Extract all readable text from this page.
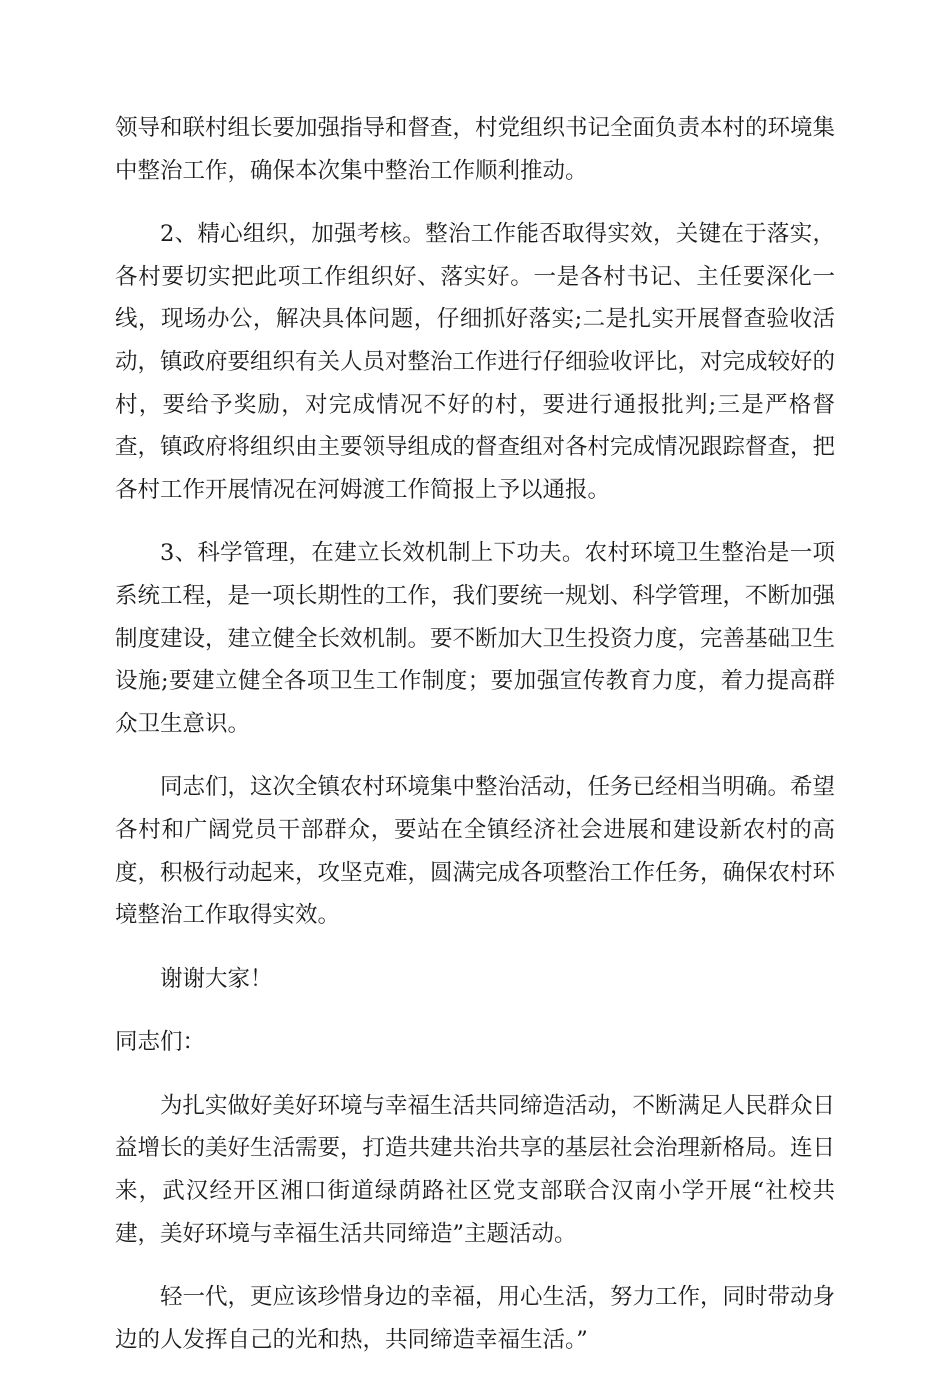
领导和联村组长要加强指导和督查，村党组织书记全面负责本村的环境集中整治工作，确保本次集中整治工作顺利推动。

2、精心组织，加强考核。整治工作能否取得实效，关键在于落实，各村要切实把此项工作组织好、落实好。一是各村书记、主任要深化一线，现场办公，解决具体问题，仔细抓好落实;二是扎实开展督查验收活动，镇政府要组织有关人员对整治工作进行仔细验收评比，对完成较好的村，要给予奖励，对完成情况不好的村，要进行通报批判;三是严格督查，镇政府将组织由主要领导组成的督查组对各村完成情况跟踪督查，把各村工作开展情况在河姆渡工作简报上予以通报。

3、科学管理，在建立长效机制上下功夫。农村环境卫生整治是一项系统工程，是一项长期性的工作，我们要统一规划、科学管理，不断加强制度建设，建立健全长效机制。要不断加大卫生投资力度，完善基础卫生设施;要建立健全各项卫生工作制度；要加强宣传教育力度，着力提高群众卫生意识。

同志们，这次全镇农村环境集中整治活动，任务已经相当明确。希望各村和广阔党员干部群众，要站在全镇经济社会进展和建设新农村的高度，积极行动起来，攻坚克难，圆满完成各项整治工作任务，确保农村环境整治工作取得实效。

谢谢大家！

同志们：

为扎实做好美好环境与幸福生活共同缔造活动，不断满足人民群众日益增长的美好生活需要，打造共建共治共享的基层社会治理新格局。连日来，武汉经开区湘口街道绿荫路社区党支部联合汉南小学开展“社校共建，美好环境与幸福生活共同缔造”主题活动。

轻一代，更应该珍惜身边的幸福，用心生活，努力工作，同时带动身边的人发挥自己的光和热，共同缔造幸福生活。”
